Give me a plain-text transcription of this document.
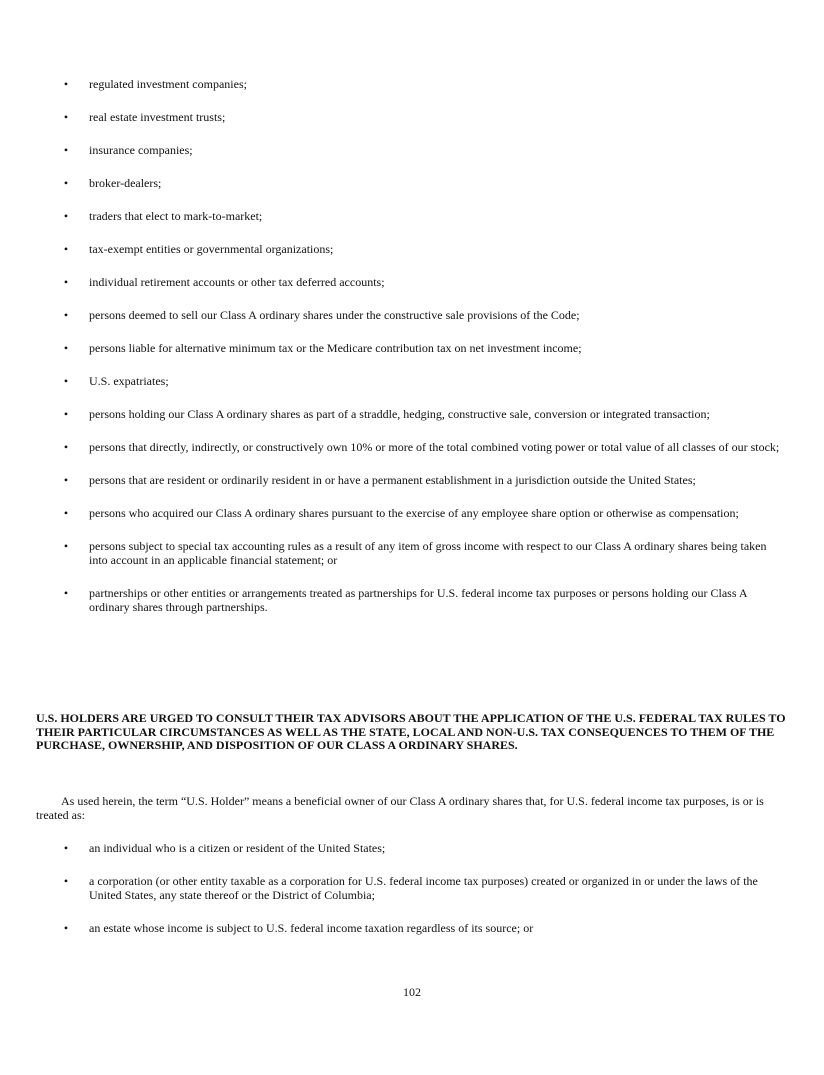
• regulated investment companies;
• real estate investment trusts;
• insurance companies;
• broker-dealers;
• traders that elect to mark-to-market;
• tax-exempt entities or governmental organizations;
• individual retirement accounts or other tax deferred accounts;
• persons deemed to sell our Class A ordinary shares under the constructive sale provisions of the Code;
• persons liable for alternative minimum tax or the Medicare contribution tax on net investment income;
• U.S. expatriates;
• persons holding our Class A ordinary shares as part of a straddle, hedging, constructive sale, conversion or integrated transaction;
• persons that directly, indirectly, or constructively own 10% or more of the total combined voting power or total value of all classes of our stock;
• persons that are resident or ordinarily resident in or have a permanent establishment in a jurisdiction outside the United States;
• persons who acquired our Class A ordinary shares pursuant to the exercise of any employee share option or otherwise as compensation;
• persons subject to special tax accounting rules as a result of any item of gross income with respect to our Class A ordinary shares being taken into account in an applicable financial statement; or
• partnerships or other entities or arrangements treated as partnerships for U.S. federal income tax purposes or persons holding our Class A ordinary shares through partnerships.

U.S. HOLDERS ARE URGED TO CONSULT THEIR TAX ADVISORS ABOUT THE APPLICATION OF THE U.S. FEDERAL TAX RULES TO THEIR PARTICULAR CIRCUMSTANCES AS WELL AS THE STATE, LOCAL AND NON-U.S. TAX CONSEQUENCES TO THEM OF THE PURCHASE, OWNERSHIP, AND DISPOSITION OF OUR CLASS A ORDINARY SHARES.

As used herein, the term “U.S. Holder” means a beneficial owner of our Class A ordinary shares that, for U.S. federal income tax purposes, is or is treated as:

• an individual who is a citizen or resident of the United States;
• a corporation (or other entity taxable as a corporation for U.S. federal income tax purposes) created or organized in or under the laws of the United States, any state thereof or the District of Columbia;
• an estate whose income is subject to U.S. federal income taxation regardless of its source; or
102
